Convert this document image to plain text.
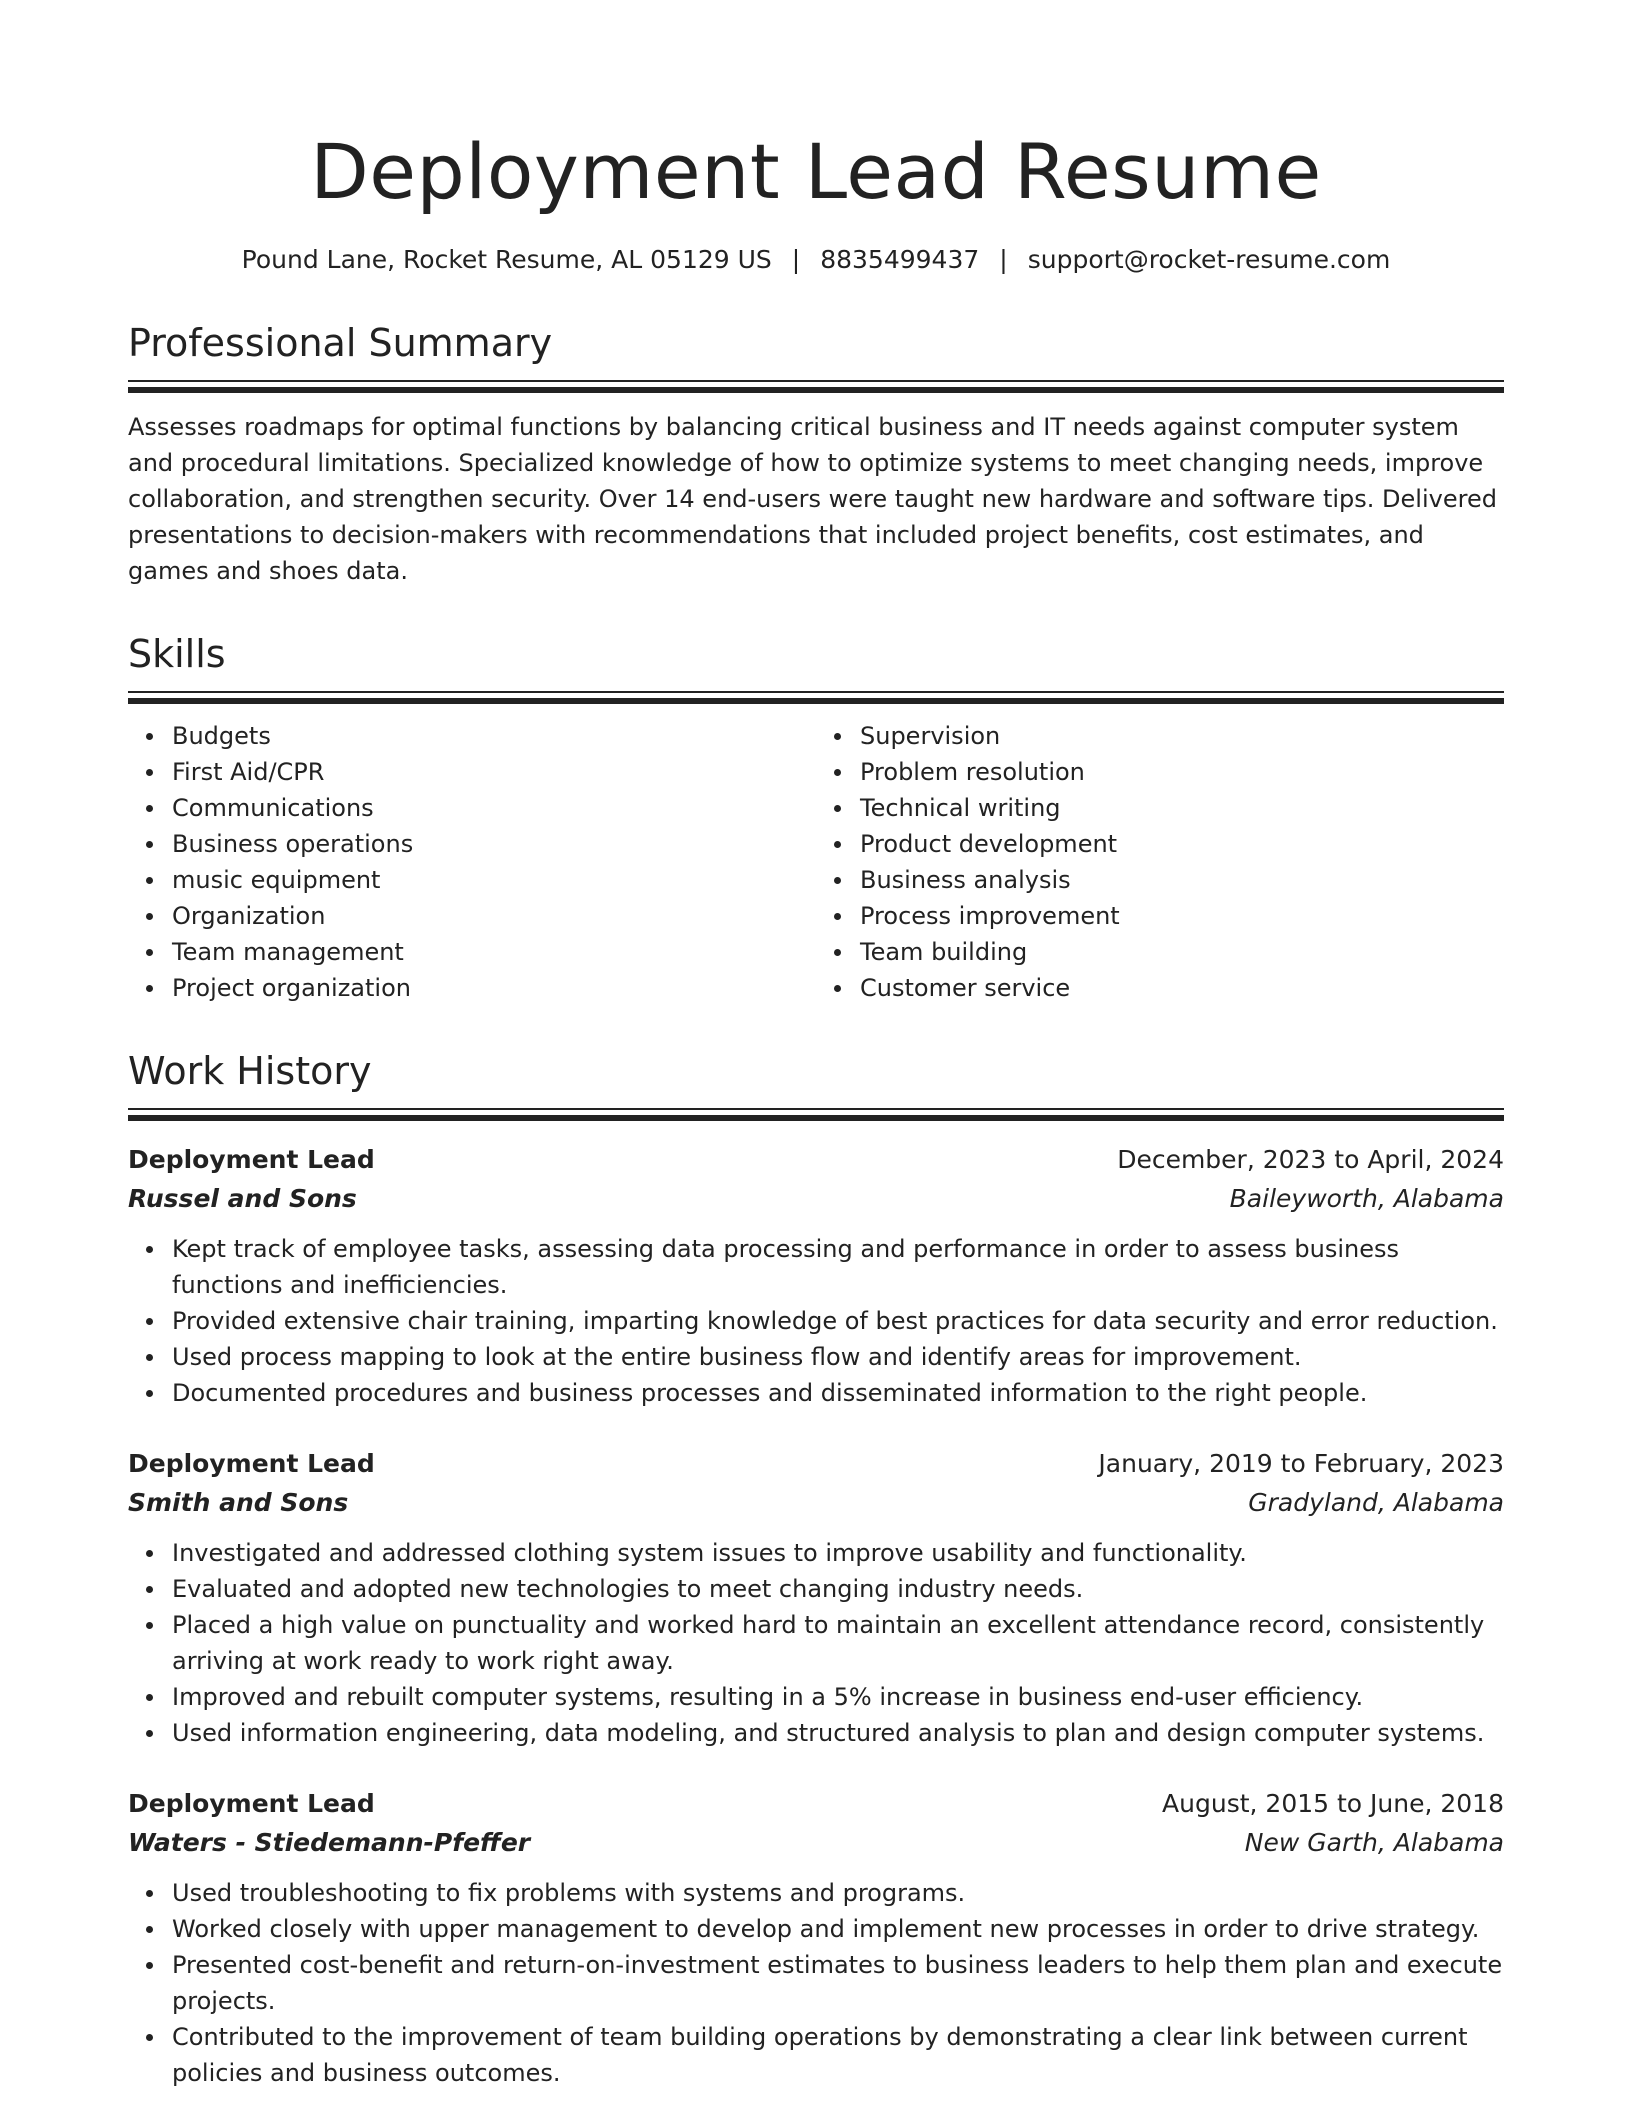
Deployment Lead Resume
Pound Lane, Rocket Resume, AL 05129 US | 8835499437 | support@rocket-resume.com
Professional Summary

Assesses roadmaps for optimal functions by balancing critical business and IT needs against computer system and procedural limitations. Specialized knowledge of how to optimize systems to meet changing needs, improve collaboration, and strengthen security. Over 14 end-users were taught new hardware and software tips. Delivered presentations to decision-makers with recommendations that included project benefits, cost estimates, and games and shoes data.

Skills
Budgets
First Aid/CPR
Communications
Business operations
music equipment
Organization
Team management
Project organization
Supervision
Problem resolution
Technical writing
Product development
Business analysis
Process improvement
Team building
Customer service
Work History
Deployment Lead	December, 2023 to April, 2024
Russel and Sons	Baileyworth, Alabama
Kept track of employee tasks, assessing data processing and performance in order to assess business functions and inefficiencies.
Provided extensive chair training, imparting knowledge of best practices for data security and error reduction.
Used process mapping to look at the entire business flow and identify areas for improvement.
Documented procedures and business processes and disseminated information to the right people.
Deployment Lead	January, 2019 to February, 2023
Smith and Sons	Gradyland, Alabama
Investigated and addressed clothing system issues to improve usability and functionality.
Evaluated and adopted new technologies to meet changing industry needs.
Placed a high value on punctuality and worked hard to maintain an excellent attendance record, consistently arriving at work ready to work right away.
Improved and rebuilt computer systems, resulting in a 5% increase in business end-user efficiency.
Used information engineering, data modeling, and structured analysis to plan and design computer systems.
Deployment Lead	August, 2015 to June, 2018
Waters - Stiedemann-Pfeffer	New Garth, Alabama
Used troubleshooting to fix problems with systems and programs.
Worked closely with upper management to develop and implement new processes in order to drive strategy.
Presented cost-benefit and return-on-investment estimates to business leaders to help them plan and execute projects.
Contributed to the improvement of team building operations by demonstrating a clear link between current policies and business outcomes.
